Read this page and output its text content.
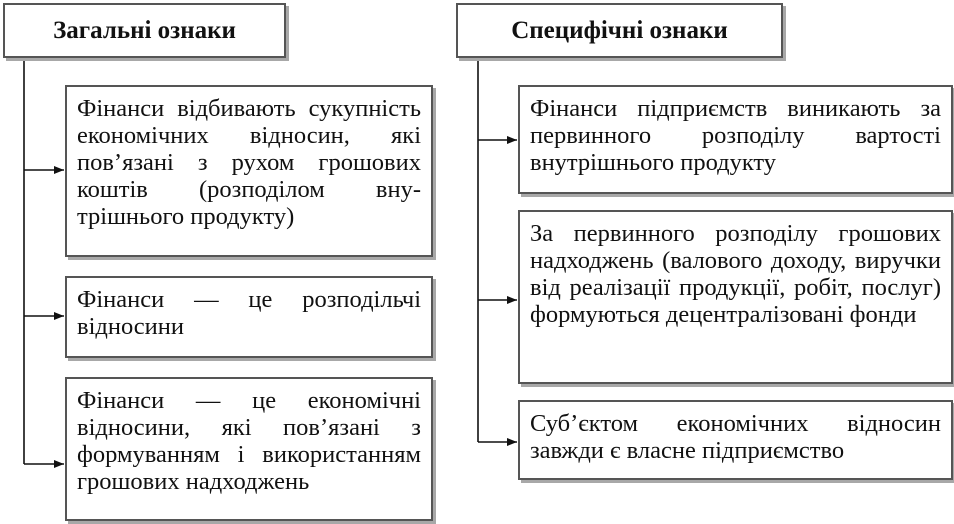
Загальні ознаки	Специфічні ознаки
Фінанси відбивають сукупність економічних відносин, які пов’язані з рухом грошових коштів (розподілом внутрішнього продукту)
Фінанси — це розподільчі відносини
Фінанси — це економічні відносини, які пов’язані з формуванням і використанням грошових надходжень
Фінанси підприємств виникають за первинного розподілу вартості внутрішнього продукту
За первинного розподілу грошових надходжень (валового доходу, виручки від реалізації продукції, робіт, послуг) формуються децентралізовані фонди
Суб’єктом економічних відносин завжди є власне підприємство
